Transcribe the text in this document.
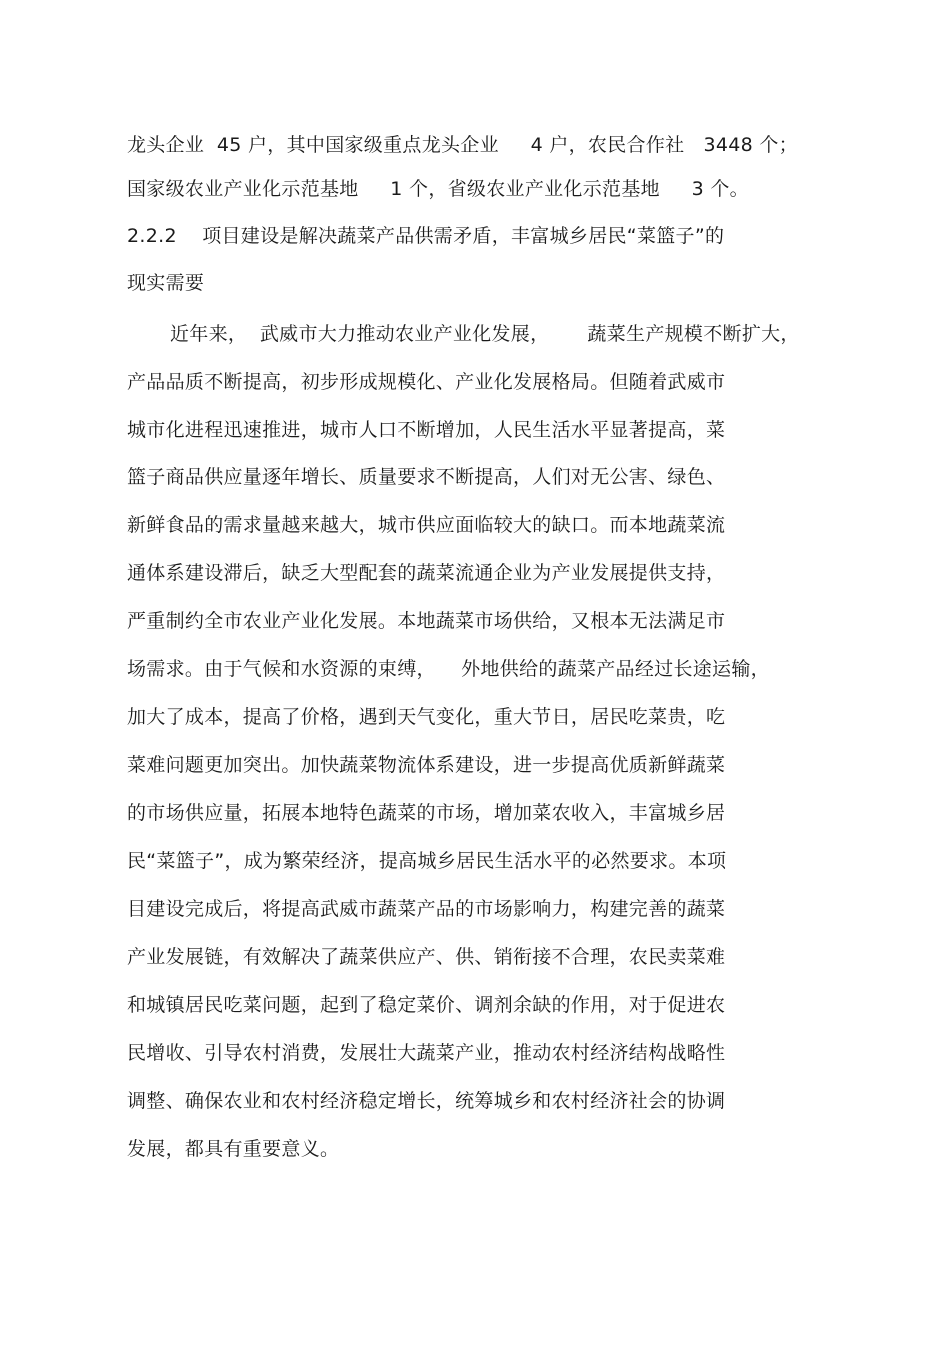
龙头企业  45 户，其中国家级重点龙头企业     4 户，农民合作社   3448 个；
国家级农业产业化示范基地     1 个，省级农业产业化示范基地     3 个。
2.2.2    项目建设是解决蔬菜产品供需矛盾，丰富城乡居民“菜篮子”的
现实需要
近年来，  武威市大力推动农业产业化发展，      蔬菜生产规模不断扩大，
产品品质不断提高，初步形成规模化、产业化发展格局。但随着武威市
城市化进程迅速推进，城市人口不断增加，人民生活水平显著提高，菜
篮子商品供应量逐年增长、质量要求不断提高，人们对无公害、绿色、
新鲜食品的需求量越来越大，城市供应面临较大的缺口。而本地蔬菜流
通体系建设滞后，缺乏大型配套的蔬菜流通企业为产业发展提供支持，
严重制约全市农业产业化发展。本地蔬菜市场供给，又根本无法满足市
场需求。由于气候和水资源的束缚，    外地供给的蔬菜产品经过长途运输，
加大了成本，提高了价格，遇到天气变化，重大节日，居民吃菜贵，吃
菜难问题更加突出。加快蔬菜物流体系建设，进一步提高优质新鲜蔬菜
的市场供应量，拓展本地特色蔬菜的市场，增加菜农收入，丰富城乡居
民“菜篮子”，成为繁荣经济，提高城乡居民生活水平的必然要求。本项
目建设完成后，将提高武威市蔬菜产品的市场影响力，构建完善的蔬菜
产业发展链，有效解决了蔬菜供应产、供、销衔接不合理，农民卖菜难
和城镇居民吃菜问题，起到了稳定菜价、调剂余缺的作用，对于促进农
民增收、引导农村消费，发展壮大蔬菜产业，推动农村经济结构战略性
调整、确保农业和农村经济稳定增长，统筹城乡和农村经济社会的协调
发展，都具有重要意义。
